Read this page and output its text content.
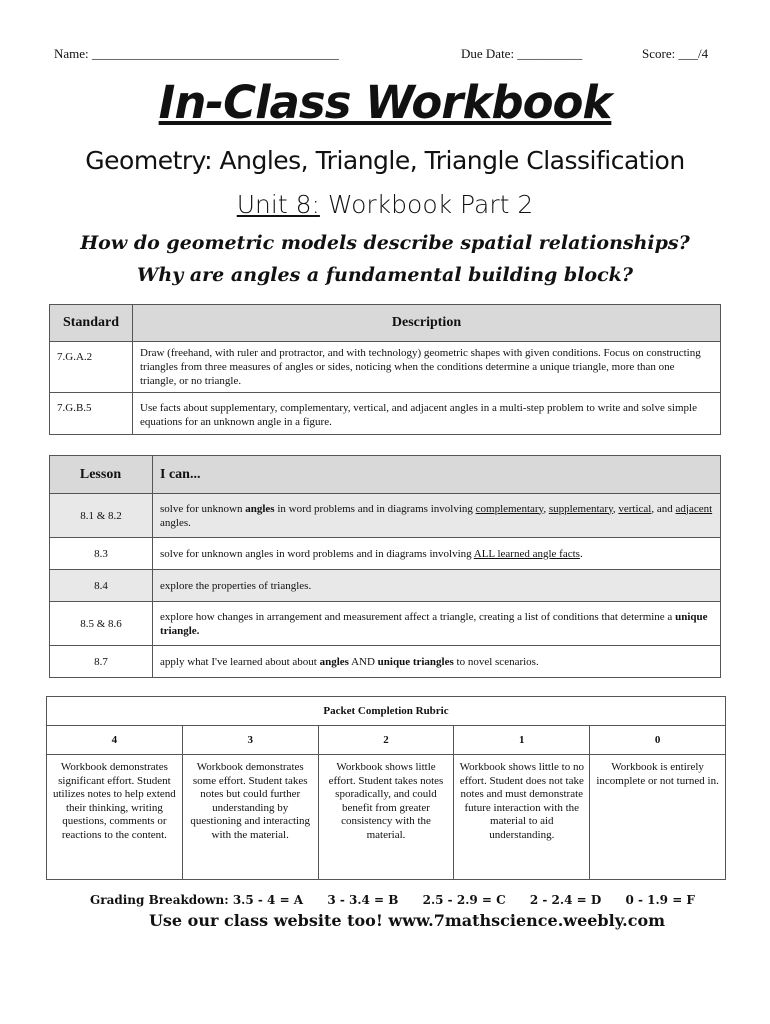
Name: ______________________________________	Due Date: __________	Score: ___/4
In-Class Workbook
Geometry: Angles, Triangle, Triangle Classification
Unit 8: Workbook Part 2
How do geometric models describe spatial relationships?
Why are angles a fundamental building block?
Standard	Description
7.G.A.2	Draw (freehand, with ruler and protractor, and with technology) geometric shapes with given conditions. Focus on constructing triangles from three measures of angles or sides, noticing when the conditions determine a unique triangle, more than one triangle, or no triangle.
7.G.B.5	Use facts about supplementary, complementary, vertical, and adjacent angles in a multi-step problem to write and solve simple equations for an unknown angle in a figure.
Lesson	I can...
8.1 & 8.2	solve for unknown angles in word problems and in diagrams involving complementary, supplementary, vertical, and adjacent angles.
8.3	solve for unknown angles in word problems and in diagrams involving ALL learned angle facts.
8.4	explore the properties of triangles.
8.5 & 8.6	explore how changes in arrangement and measurement affect a triangle, creating a list of conditions that determine a unique triangle.
8.7	apply what I've learned about about angles AND unique triangles to novel scenarios.
Packet Completion Rubric				
4	3	2	1	0
Workbook demonstrates significant effort. Student utilizes notes to help extend their thinking, writing questions, comments or reactions to the content.	Workbook demonstrates some effort. Student takes notes but could further understanding by questioning and interacting with the material.	Workbook shows little effort. Student takes notes sporadically, and could benefit from greater consistency with the material.	Workbook shows little to no effort. Student does not take notes and must demonstrate future interaction with the material to aid understanding.	Workbook is entirely incomplete or not turned in.
Grading Breakdown: 3.5 - 4 = A 3 - 3.4 = B 2.5 - 2.9 = C 2 - 2.4 = D 0 - 1.9 = F
Use our class website too! www.7mathscience.weebly.com
